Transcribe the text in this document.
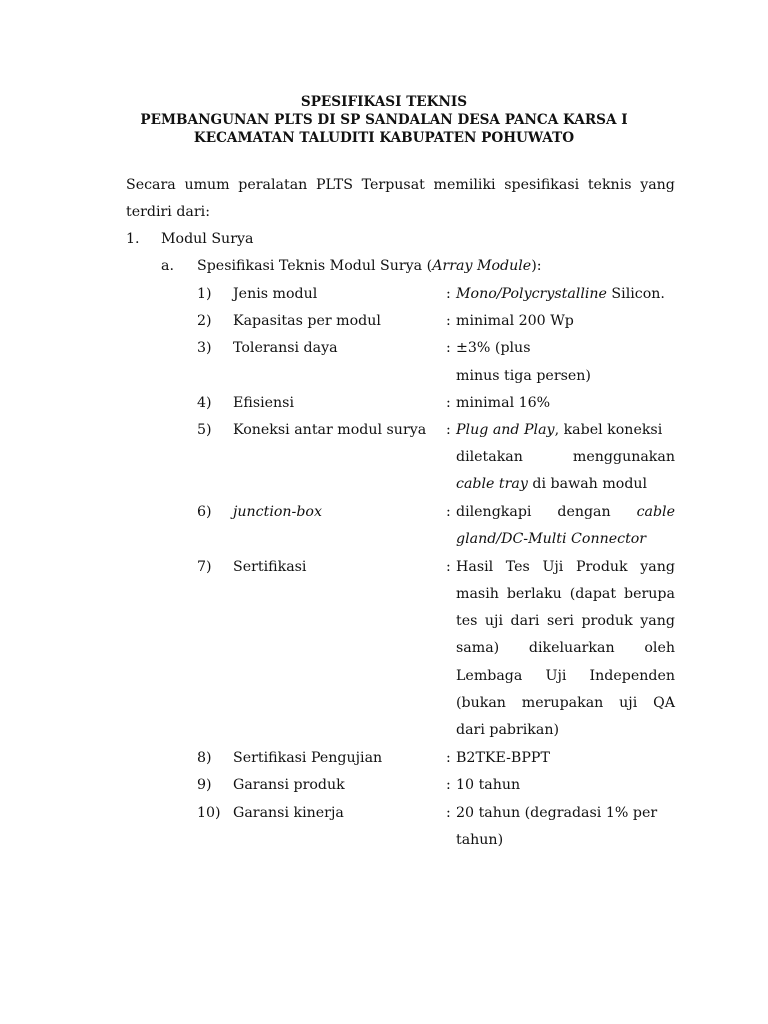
SPESIFIKASI TEKNIS
PEMBANGUNAN PLTS DI SP SANDALAN DESA PANCA KARSA I
KECAMATAN TALUDITI KABUPATEN POHUWATO
Secara umum peralatan PLTS Terpusat memiliki spesifikasi teknis yang
terdiri dari:
1. Modul Surya
a. Spesifikasi Teknis Modul Surya (Array Module):
1) Jenis modul	: Mono/Polycrystalline Silicon.
2) Kapasitas per modul	: minimal 200 Wp
3) Toleransi daya	: ±3% (plus
minus tiga persen)
4) Efisiensi	: minimal 16%
5) Koneksi antar modul surya : Plug and Play, kabel koneksi
diletakan	menggunakan
cable tray di bawah modul
6) junction-box	: dilengkapi dengan cable
gland/DC-Multi Connector
7) Sertifikasi	: Hasil Tes Uji Produk yang
masih berlaku (dapat berupa
tes uji dari seri produk yang
sama) dikeluarkan oleh
Lembaga Uji Independen
(bukan merupakan uji QA
dari pabrikan)
8) Sertifikasi Pengujian	: B2TKE-BPPT
9) Garansi produk	: 10 tahun
10) Garansi kinerja	: 20 tahun (degradasi 1% per
tahun)
